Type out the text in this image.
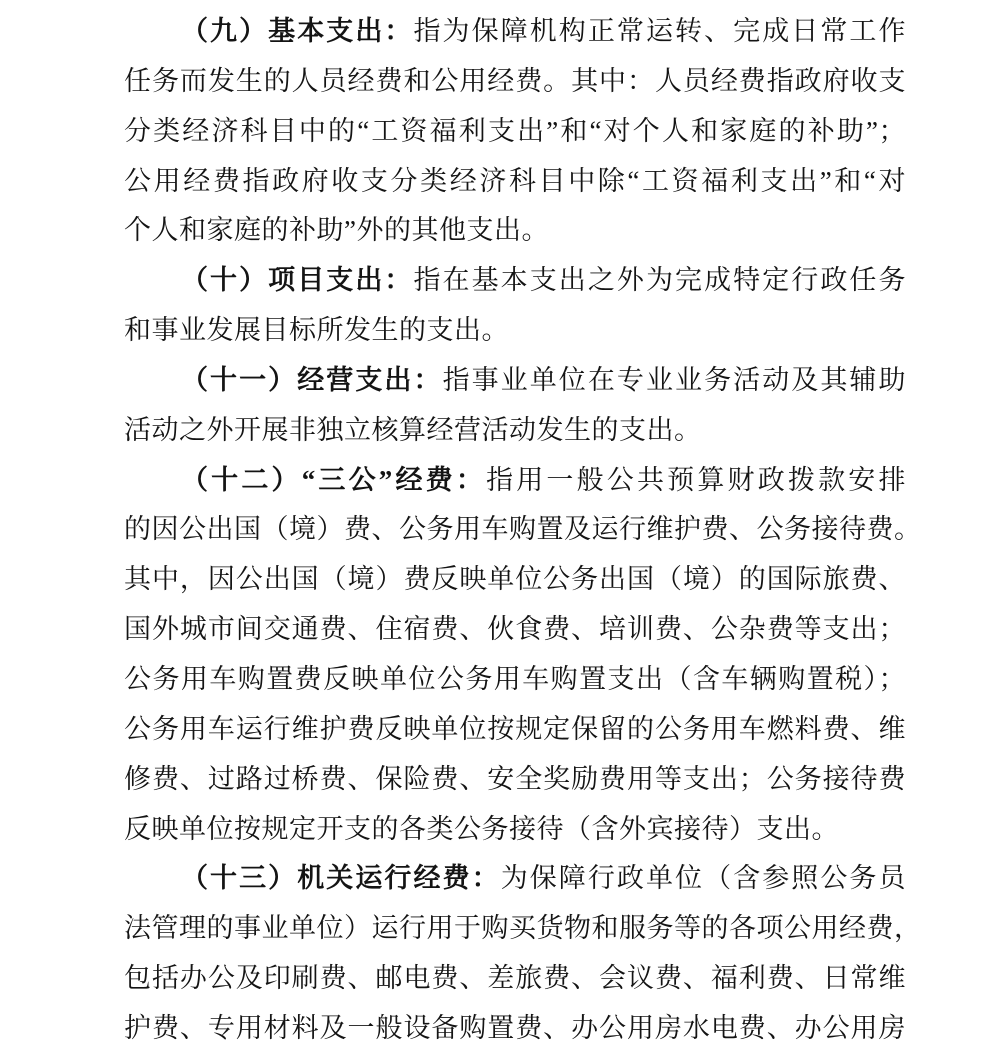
（九）基本支出：指为保障机构正常运转、完成日常工作
任务而发生的人员经费和公用经费。其中：人员经费指政府收支
分类经济科目中的“工资福利支出”和“对个人和家庭的补助”；
公用经费指政府收支分类经济科目中除“工资福利支出”和“对
个人和家庭的补助”外的其他支出。
（十）项目支出：指在基本支出之外为完成特定行政任务
和事业发展目标所发生的支出。
（十一）经营支出：指事业单位在专业业务活动及其辅助
活动之外开展非独立核算经营活动发生的支出。
（十二）“三公”经费：指用一般公共预算财政拨款安排
的因公出国（境）费、公务用车购置及运行维护费、公务接待费。
其中，因公出国（境）费反映单位公务出国（境）的国际旅费、
国外城市间交通费、住宿费、伙食费、培训费、公杂费等支出；
公务用车购置费反映单位公务用车购置支出（含车辆购置税）；
公务用车运行维护费反映单位按规定保留的公务用车燃料费、维
修费、过路过桥费、保险费、安全奖励费用等支出；公务接待费
反映单位按规定开支的各类公务接待（含外宾接待）支出。
（十三）机关运行经费：为保障行政单位（含参照公务员
法管理的事业单位）运行用于购买货物和服务等的各项公用经费，
包括办公及印刷费、邮电费、差旅费、会议费、福利费、日常维
护费、专用材料及一般设备购置费、办公用房水电费、办公用房
